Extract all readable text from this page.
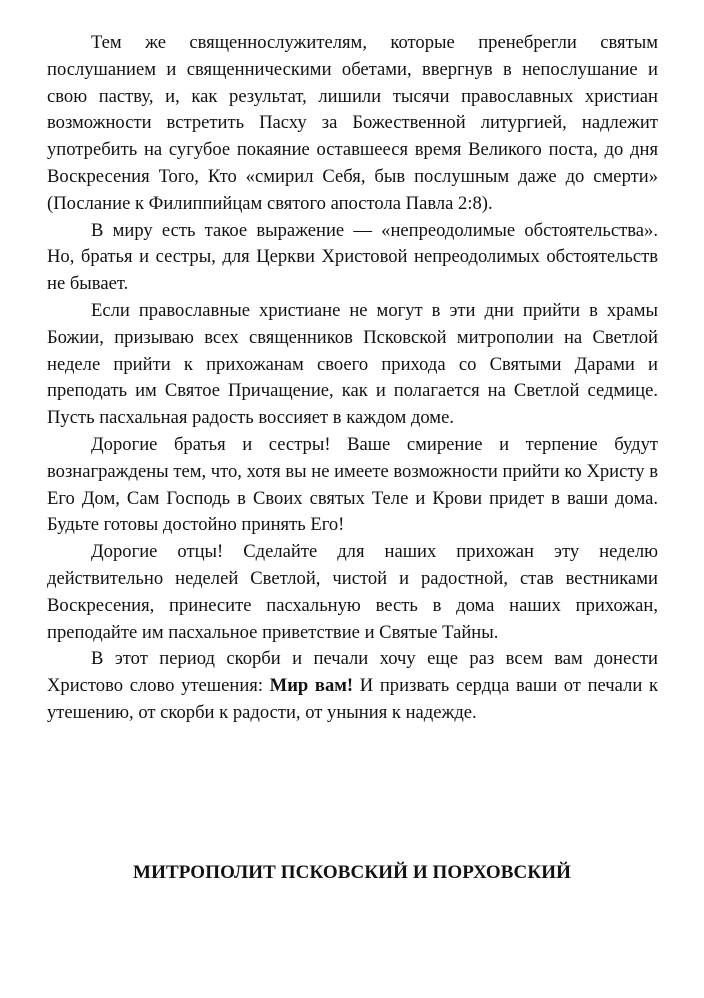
Тем же священнослужителям, которые пренебрегли святым послушанием и священническими обетами, ввергнув в непослушание и свою паству, и, как результат, лишили тысячи православных христиан возможности встретить Пасху за Божественной литургией, надлежит употребить на сугубое покаяние оставшееся время Великого поста, до дня Воскресения Того, Кто «смирил Себя, быв послушным даже до смерти» (Послание к Филиппийцам святого апостола Павла 2:8).

В миру есть такое выражение — «непреодолимые обстоятельства». Но, братья и сестры, для Церкви Христовой непреодолимых обстоятельств не бывает.

Если православные христиане не могут в эти дни прийти в храмы Божии, призываю всех священников Псковской митрополии на Светлой неделе прийти к прихожанам своего прихода со Святыми Дарами и преподать им Святое Причащение, как и полагается на Светлой седмице. Пусть пасхальная радость воссияет в каждом доме.

Дорогие братья и сестры! Ваше смирение и терпение будут вознаграждены тем, что, хотя вы не имеете возможности прийти ко Христу в Его Дом, Сам Господь в Своих святых Теле и Крови придет в ваши дома. Будьте готовы достойно принять Его!

Дорогие отцы! Сделайте для наших прихожан эту неделю действительно неделей Светлой, чистой и радостной, став вестниками Воскресения, принесите пасхальную весть в дома наших прихожан, преподайте им пасхальное приветствие и Святые Тайны.

В этот период скорби и печали хочу еще раз всем вам донести Христово слово утешения: Мир вам! И призвать сердца ваши от печали к утешению, от скорби к радости, от уныния к надежде.

МИТРОПОЛИТ ПСКОВСКИЙ И ПОРХОВСКИЙ
